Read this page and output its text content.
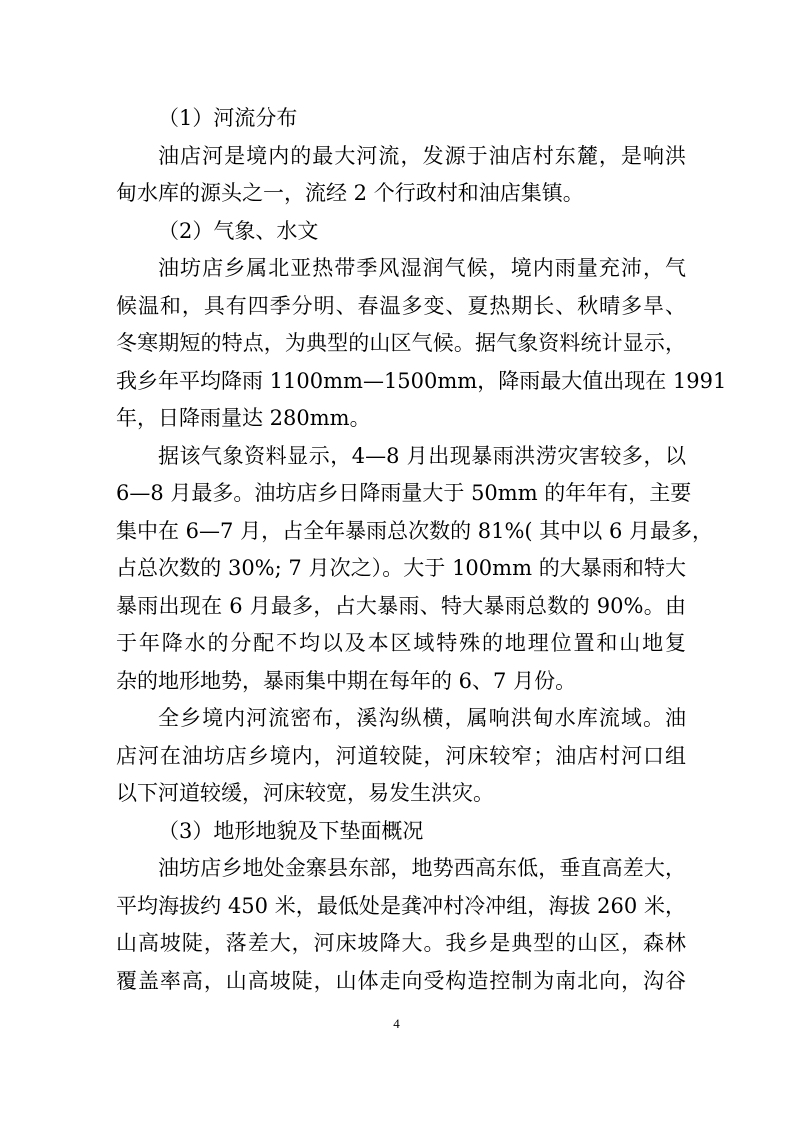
（1）河流分布
油店河是境内的最大河流，发源于油店村东麓，是响洪
甸水库的源头之一，流经 2 个行政村和油店集镇。
（2）气象、水文
油坊店乡属北亚热带季风湿润气候，境内雨量充沛，气
候温和，具有四季分明、春温多变、夏热期长、秋晴多旱、
冬寒期短的特点，为典型的山区气候。据气象资料统计显示，
我乡年平均降雨 1100mm—1500mm，降雨最大值出现在 1991
年，日降雨量达 280mm。
据该气象资料显示，4—8 月出现暴雨洪涝灾害较多，以
6—8 月最多。油坊店乡日降雨量大于 50mm 的年年有，主要
集中在 6—7 月，占全年暴雨总次数的 81%( 其中以 6 月最多，
占总次数的 30%; 7 月次之）。大于 100mm 的大暴雨和特大
暴雨出现在 6 月最多，占大暴雨、特大暴雨总数的 90%。由
于年降水的分配不均以及本区域特殊的地理位置和山地复
杂的地形地势，暴雨集中期在每年的 6、7 月份。
全乡境内河流密布，溪沟纵横，属响洪甸水库流域。油
店河在油坊店乡境内，河道较陡，河床较窄；油店村河口组
以下河道较缓，河床较宽，易发生洪灾。
（3）地形地貌及下垫面概况
油坊店乡地处金寨县东部，地势西高东低，垂直高差大，
平均海拔约 450 米，最低处是龚冲村冷冲组，海拔 260 米，
山高坡陡，落差大，河床坡降大。我乡是典型的山区，森林
覆盖率高，山高坡陡，山体走向受构造控制为南北向，沟谷
4
